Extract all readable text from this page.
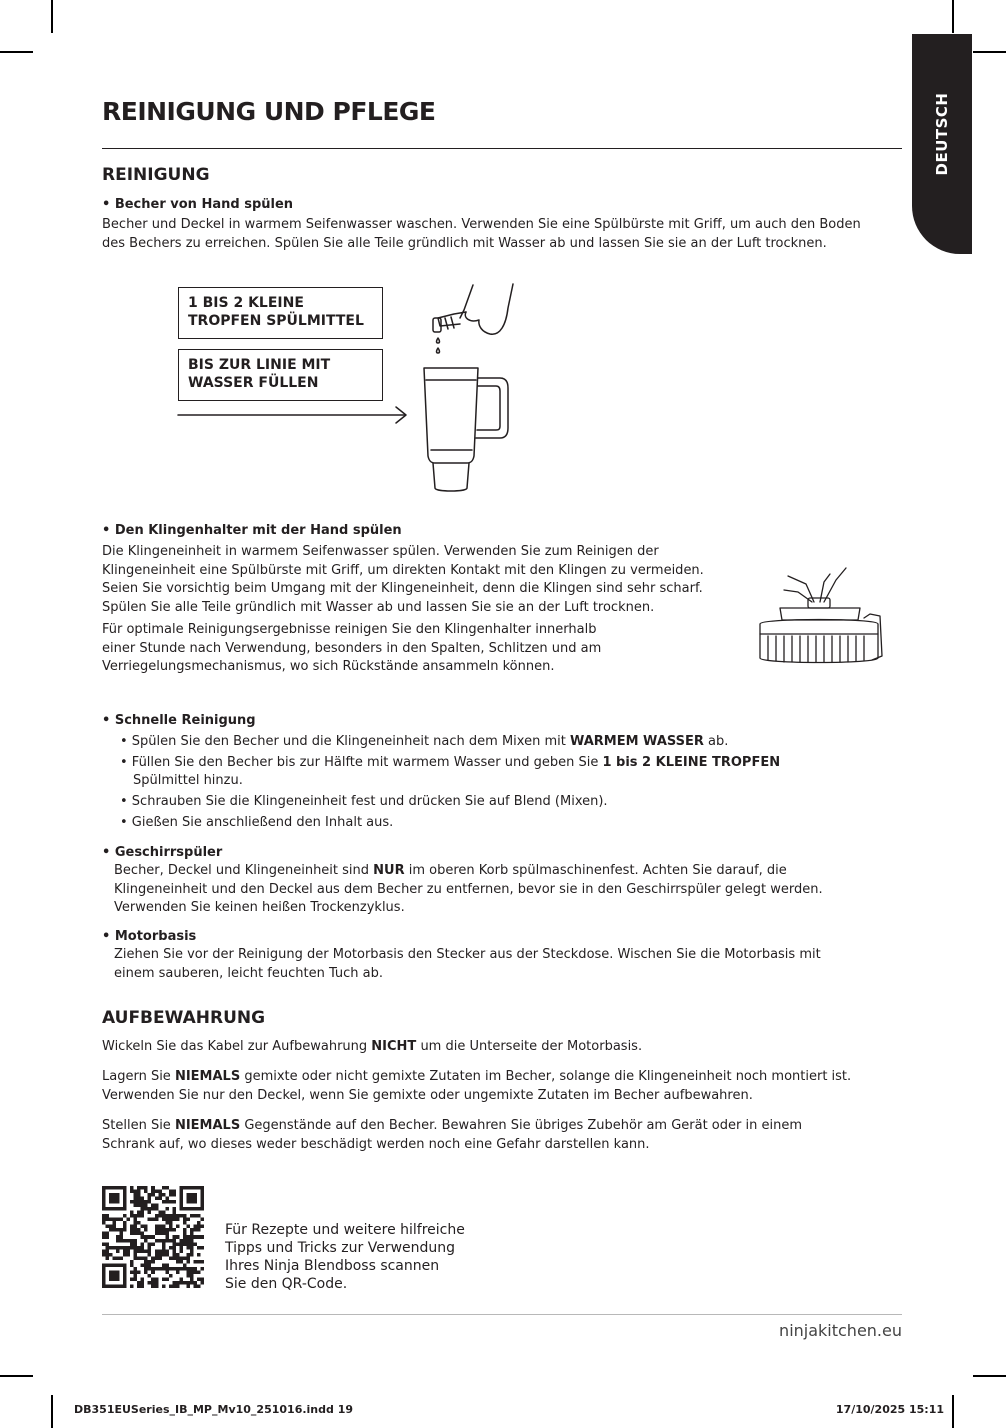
DEUTSCH
REINIGUNG UND PFLEGE
REINIGUNG
• Becher von Hand spülen
Becher und Deckel in warmem Seifenwasser waschen. Verwenden Sie eine Spülbürste mit Griff, um auch den Boden
des Bechers zu erreichen. Spülen Sie alle Teile gründlich mit Wasser ab und lassen Sie sie an der Luft trocknen.
1 BIS 2 KLEINE
TROPFEN SPÜLMITTEL
BIS ZUR LINIE MIT
WASSER FÜLLEN
• Den Klingenhalter mit der Hand spülen
Die Klingeneinheit in warmem Seifenwasser spülen. Verwenden Sie zum Reinigen der
Klingeneinheit eine Spülbürste mit Griff, um direkten Kontakt mit den Klingen zu vermeiden.
Seien Sie vorsichtig beim Umgang mit der Klingeneinheit, denn die Klingen sind sehr scharf.
Spülen Sie alle Teile gründlich mit Wasser ab und lassen Sie sie an der Luft trocknen.
Für optimale Reinigungsergebnisse reinigen Sie den Klingenhalter innerhalb
einer Stunde nach Verwendung, besonders in den Spalten, Schlitzen und am
Verriegelungsmechanismus, wo sich Rückstände ansammeln können.
• Schnelle Reinigung
• Spülen Sie den Becher und die Klingeneinheit nach dem Mixen mit WARMEM WASSER ab.
• Füllen Sie den Becher bis zur Hälfte mit warmem Wasser und geben Sie 1 bis 2 KLEINE TROPFEN
Spülmittel hinzu.
• Schrauben Sie die Klingeneinheit fest und drücken Sie auf Blend (Mixen).
• Gießen Sie anschließend den Inhalt aus.
• Geschirrspüler
Becher, Deckel und Klingeneinheit sind NUR im oberen Korb spülmaschinenfest. Achten Sie darauf, die
Klingeneinheit und den Deckel aus dem Becher zu entfernen, bevor sie in den Geschirrspüler gelegt werden.
Verwenden Sie keinen heißen Trockenzyklus.
• Motorbasis
Ziehen Sie vor der Reinigung der Motorbasis den Stecker aus der Steckdose. Wischen Sie die Motorbasis mit
einem sauberen, leicht feuchten Tuch ab.
AUFBEWAHRUNG
Wickeln Sie das Kabel zur Aufbewahrung NICHT um die Unterseite der Motorbasis.
Lagern Sie NIEMALS gemixte oder nicht gemixte Zutaten im Becher, solange die Klingeneinheit noch montiert ist.
Verwenden Sie nur den Deckel, wenn Sie gemixte oder ungemixte Zutaten im Becher aufbewahren.
Stellen Sie NIEMALS Gegenstände auf den Becher. Bewahren Sie übriges Zubehör am Gerät oder in einem
Schrank auf, wo dieses weder beschädigt werden noch eine Gefahr darstellen kann.
Für Rezepte und weitere hilfreiche
Tipps und Tricks zur Verwendung
Ihres Ninja Blendboss scannen
Sie den QR-Code.
ninjakitchen.eu
DB351EUSeries_IB_MP_Mv10_251016.indd 19	17/10/2025 15:11
